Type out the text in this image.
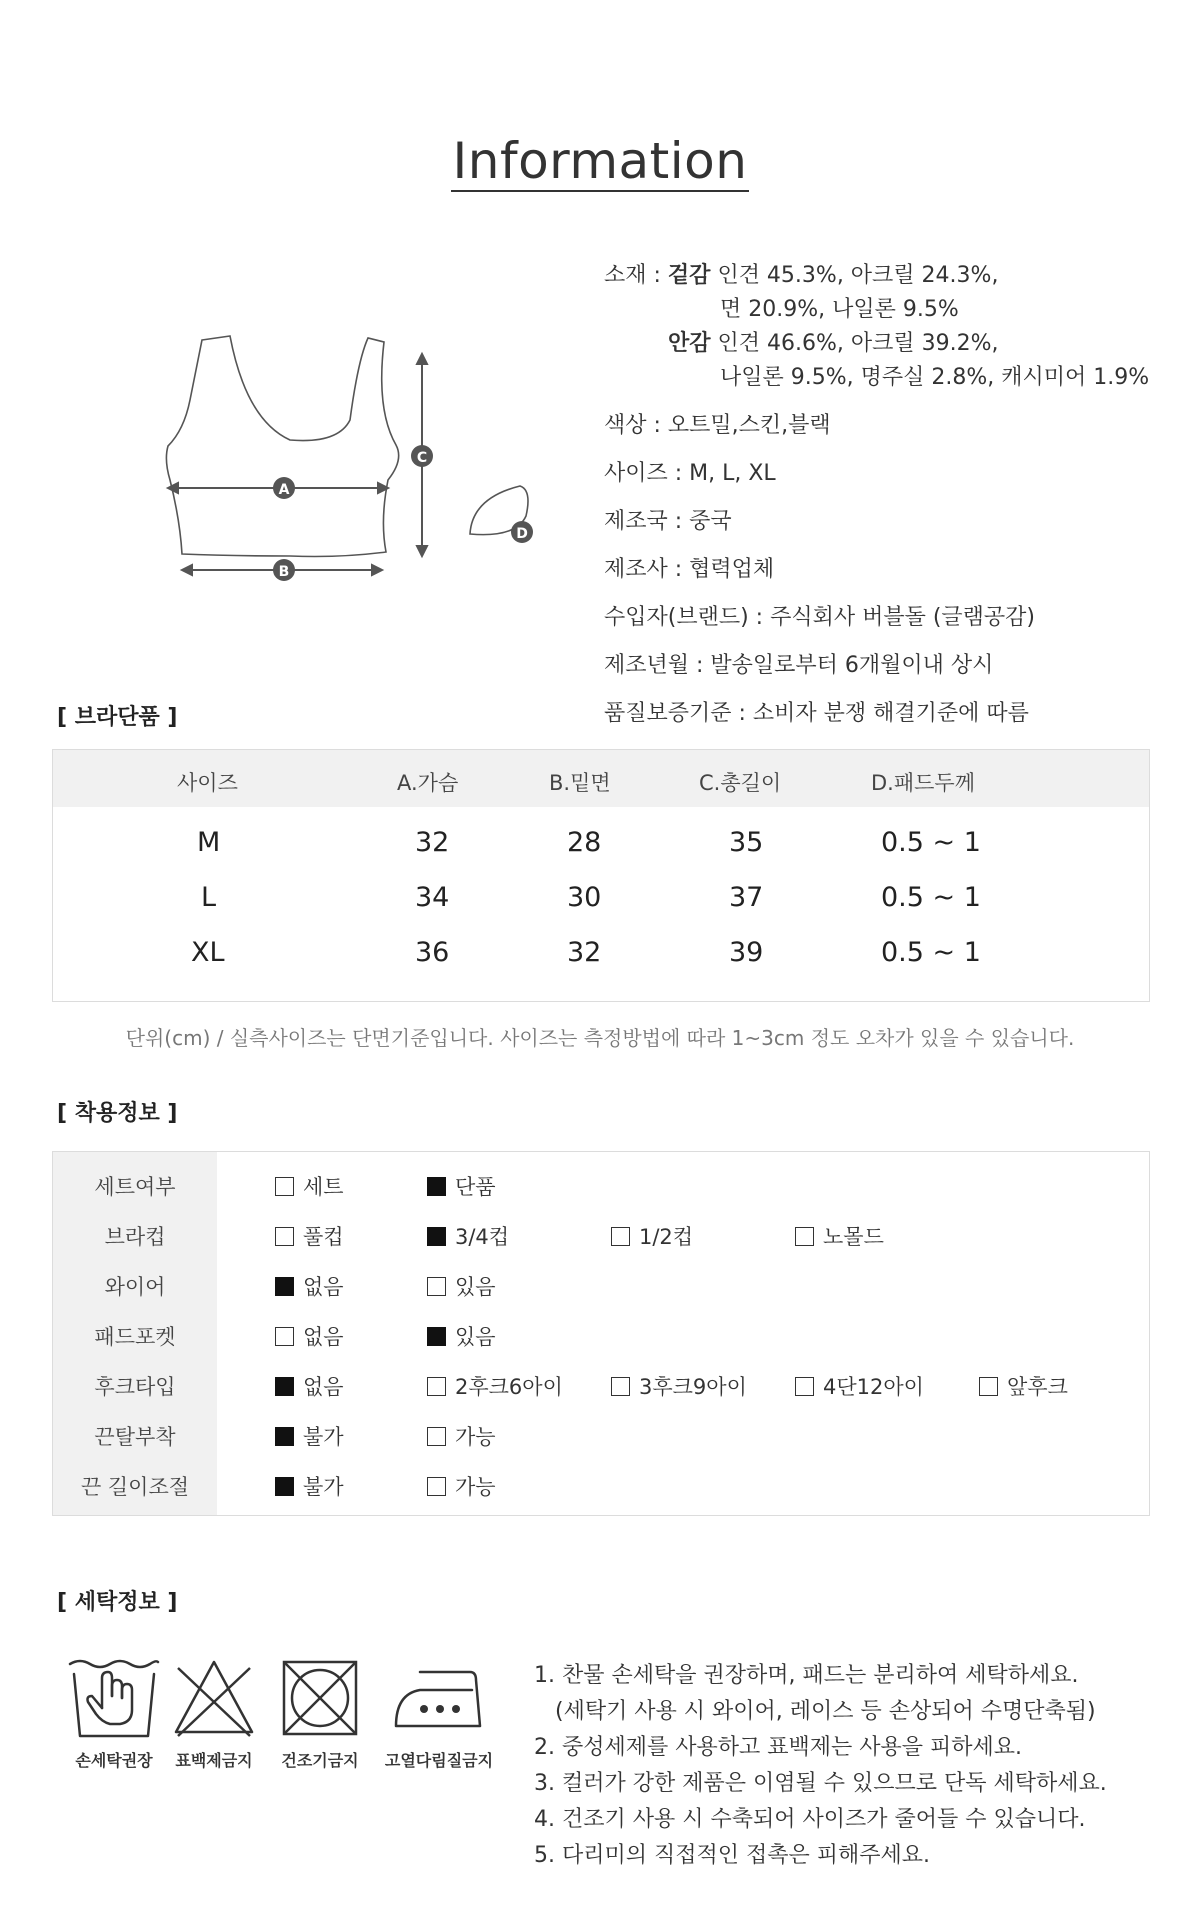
Information
A
B
C
D
소재 : 겉감 인견 45.3%, 아크릴 24.3%,
면 20.9%, 나일론 9.5%
안감 인견 46.6%, 아크릴 39.2%,
나일론 9.5%, 명주실 2.8%, 캐시미어 1.9%
색상 : 오트밀,스킨,블랙
사이즈 : M, L, XL
제조국 : 중국
제조사 : 협력업체
수입자(브랜드) : 주식회사 버블돌 (글램공감)
제조년월 : 발송일로부터 6개월이내 상시
품질보증기준 : 소비자 분쟁 해결기준에 따름
[ 브라단품 ]
사이즈	A.가슴	B.밑면	C.총길이	D.패드두께
M	32	28	35	0.5 ~ 1
L	34	30	37	0.5 ~ 1
XL	36	32	39	0.5 ~ 1
단위(cm) / 실측사이즈는 단면기준입니다. 사이즈는 측정방법에 따라 1~3cm 정도 오차가 있을 수 있습니다.
[ 착용정보 ]
세트여부	세트	단품
브라컵	풀컵	3/4컵	1/2컵	노몰드
와이어	없음	있음
패드포켓	없음	있음
후크타입	없음	2후크6아이	3후크9아이	4단12아이	앞후크
끈탈부착	불가	가능
끈 길이조절	불가	가능
[ 세탁정보 ]
손세탁권장	표백제금지	건조기금지	고열다림질금지
1. 찬물 손세탁을 권장하며, 패드는 분리하여 세탁하세요.
(세탁기 사용 시 와이어, 레이스 등 손상되어 수명단축됨)
2. 중성세제를 사용하고 표백제는 사용을 피하세요.
3. 컬러가 강한 제품은 이염될 수 있으므로 단독 세탁하세요.
4. 건조기 사용 시 수축되어 사이즈가 줄어들 수 있습니다.
5. 다리미의 직접적인 접촉은 피해주세요.
